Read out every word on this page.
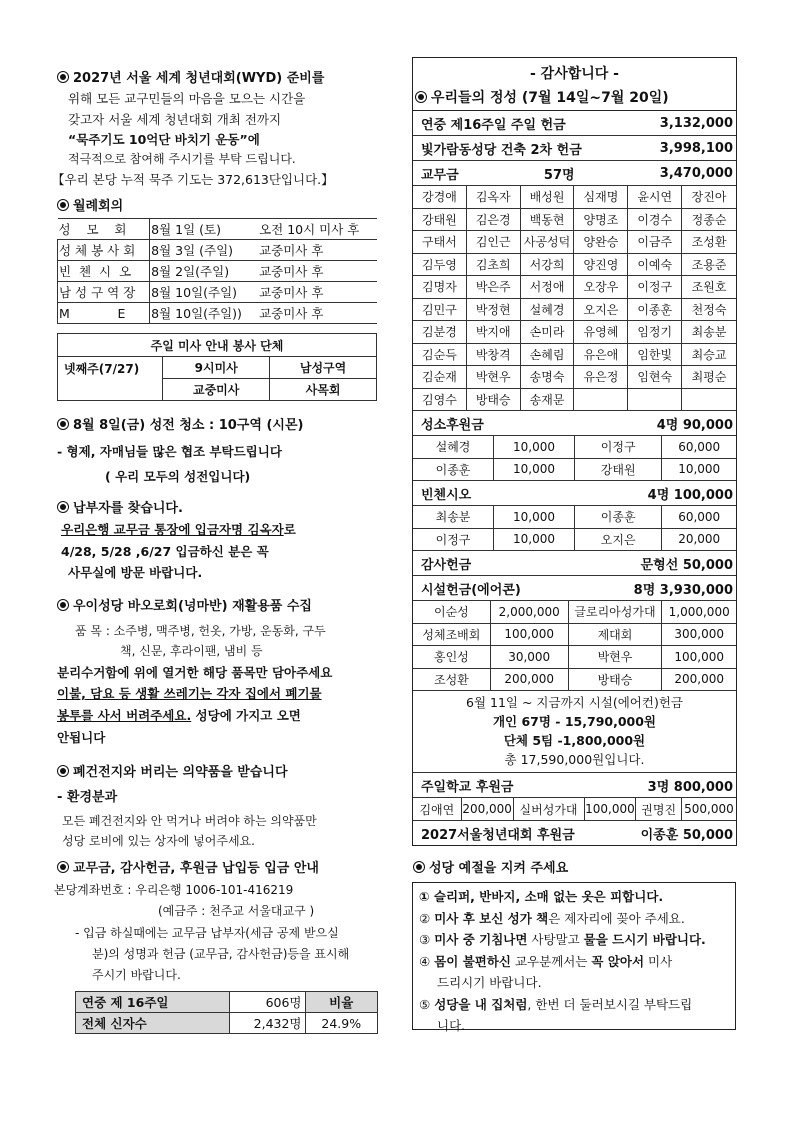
2027년 서울 세계 청년대회(WYD) 준비를
위해 모든 교구민들의 마음을 모으는 시간을
갖고자 서울 세계 청년대회 개최 전까지
“묵주기도 10억단 바치기 운동”에
적극적으로 참여해 주시기를 부탁 드립니다.
【우리 본당 누적 묵주 기도는 372,613단입니다.】
월례회의
성    모    회	8월 1일 (토)	오전 10시 미사 후
성 체 봉 사 회	8월 3일 (주일)	교중미사 후
빈  첸  시  오	8월 2일(주일)	교중미사 후
남 성 구 역 장	8월 10일(주일)	교중미사 후
M            E	8월 10일(주일))	교중미사 후
주일 미사 안내 봉사 단체		
넷째주(7/27)	9시미사	남성구역
	교중미사	사목회
8월 8일(금) 성전 청소 : 10구역 (시몬)
- 형제, 자매님들 많은 협조 부탁드립니다
( 우리 모두의 성전입니다)
납부자를 찾습니다.
우리은행 교무금 통장에 입금자명 김옥자로
4/28, 5/28 ,6/27 입금하신 분은 꼭
사무실에 방문 바랍니다.
우이성당 바오로회(넝마반) 재활용품 수집
품 목 : 소주병, 맥주병, 헌옷, 가방, 운동화, 구두
책, 신문, 후라이팬, 냄비 등
분리수거함에 위에 열거한 해당 품목만 담아주세요
이불, 담요 등 생활 쓰레기는 각자 집에서 폐기물
봉투를 사서 버려주세요. 성당에 가지고 오면
안됩니다
폐건전지와 버리는 의약품을 받습니다
- 환경분과
모든 폐건전지와 안 먹거나 버려야 하는 의약품만
성당 로비에 있는 상자에 넣어주세요.
교무금, 감사헌금, 후원금 납입등 입금 안내
본당계좌번호 : 우리은행 1006-101-416219
(예금주 : 천주교 서울대교구 )
- 입금 하실때에는 교무금 납부자(세금 공제 받으실
분)의 성명과 헌금 (교무금, 감사헌금)등을 표시해
주시기 바랍니다.
연중 제 16주일	606명	비율
전체 신자수	2,432명	24.9%
- 감사합니다 -
우리들의 정성 (7월 14일~7월 20일)
연중 제16주일 주일 헌금	3,132,000
빛가람동성당 건축 2차 헌금	3,998,100
교무금	57명	3,470,000
강경애	김옥자	배성원	심재명	윤시연	장진아
강태원	김은경	백동현	양명조	이경수	정종순
구태서	김인근	사공성덕	양완승	이금주	조성환
김두영	김초희	서강희	양진영	이예숙	조용준
김명자	박은주	서정애	오장우	이정구	조원호
김민구	박정현	설혜경	오지은	이종훈	천정숙
김분경	박지애	손미라	유영혜	임정기	최송분
김순득	박창격	손혜림	유은애	임한빛	최승교
김순재	박현우	송명숙	유은정	임현숙	최평순
김영수	방태승	송재문
성소후원금	4명 90,000
설혜경	10,000	이정구	60,000
이종훈	10,000	강태원	10,000
빈첸시오	4명 100,000
최송분	10,000	이종훈	60,000
이정구	10,000	오지은	20,000
감사헌금	문형선 50,000
시설헌금(에어콘)	8명 3,930,000
이순성	2,000,000	글로리아성가대	1,000,000
성체조배회	100,000	제대회	300,000
홍인성	30,000	박현우	100,000
조성환	200,000	방태승	200,000
6월 11일 ~ 지금까지 시설(에어컨)헌금
개인 67명 - 15,790,000원
단체 5팀 -1,800,000원
총 17,590,000원입니다.
주일학교 후원금	3명 800,000
김애연 200,000 실버성가대 100,000 권명진 500,000
2027서울청년대회 후원금	이종훈 50,000
성당 예절을 지켜 주세요
① 슬리퍼, 반바지, 소매 없는 옷은 피합니다.
② 미사 후 보신 성가 책은 제자리에 꽂아 주세요.
③ 미사 중 기침나면 사탕말고 물을 드시기 바랍니다.
④ 몸이 불편하신 교우분께서는 꼭 앉아서 미사
드리시기 바랍니다.
⑤ 성당을 내 집처럼, 한번 더 둘러보시길 부탁드립
니다.
